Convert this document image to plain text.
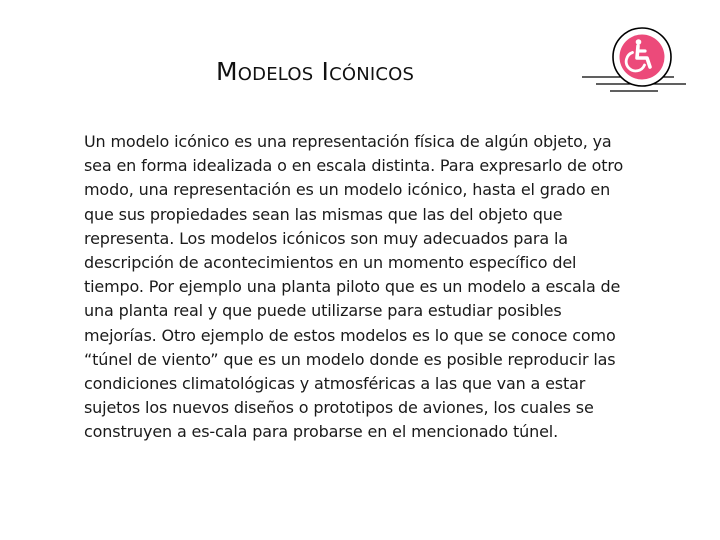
Modelos Icónicos

Un modelo icónico es una representación física de algún objeto, ya sea en forma idealizada o en escala distinta. Para expresarlo de otro modo, una representación es un modelo icónico, hasta el grado en que sus propiedades sean las mismas que las del objeto que representa. Los modelos icónicos son muy adecuados para la descripción de acontecimientos en un momento específico del tiempo. Por ejemplo una planta piloto que es un modelo a escala de una planta real y que puede utilizarse para estudiar posibles mejorías. Otro ejemplo de estos modelos es lo que se conoce como “túnel de viento” que es un modelo donde es posible reproducir las condiciones climatológicas y atmosféricas a las que van a estar sujetos los nuevos diseños o prototipos de aviones, los cuales se construyen a es-cala para probarse en el mencionado túnel.
